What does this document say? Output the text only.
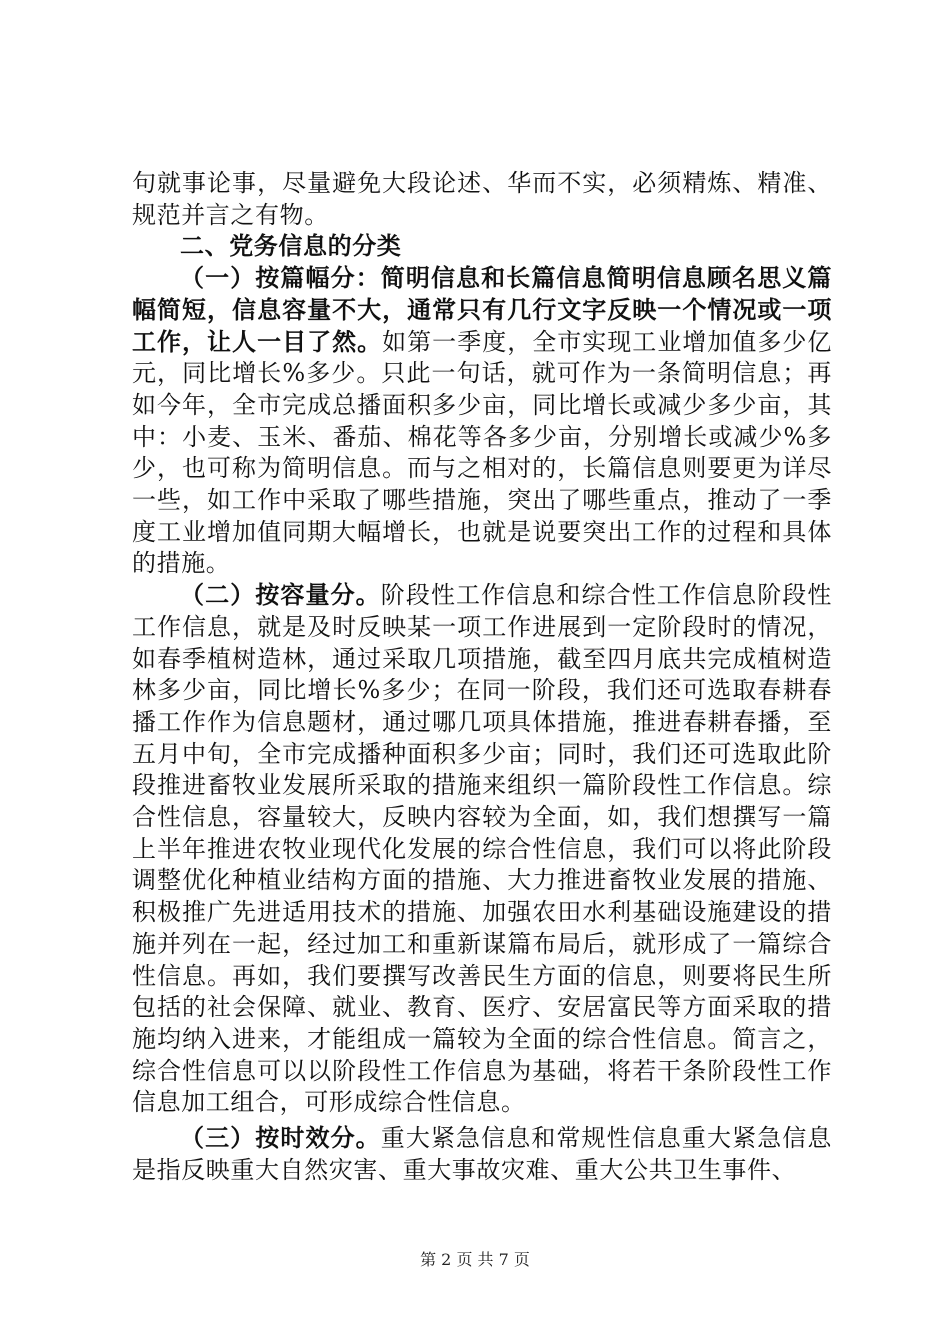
句就事论事，尽量避免大段论述、华而不实，必须精炼、精准、规范并言之有物。

二、党务信息的分类

（一）按篇幅分：简明信息和长篇信息简明信息顾名思义篇幅简短，信息容量不大，通常只有几行文字反映一个情况或一项工作，让人一目了然。如第一季度，全市实现工业增加值多少亿元，同比增长%多少。只此一句话，就可作为一条简明信息；再如今年，全市完成总播面积多少亩，同比增长或减少多少亩，其中：小麦、玉米、番茄、棉花等各多少亩，分别增长或减少%多少，也可称为简明信息。而与之相对的，长篇信息则要更为详尽一些，如工作中采取了哪些措施，突出了哪些重点，推动了一季度工业增加值同期大幅增长，也就是说要突出工作的过程和具体的措施。

（二）按容量分。阶段性工作信息和综合性工作信息阶段性工作信息，就是及时反映某一项工作进展到一定阶段时的情况，如春季植树造林，通过采取几项措施，截至四月底共完成植树造林多少亩，同比增长%多少；在同一阶段，我们还可选取春耕春播工作作为信息题材，通过哪几项具体措施，推进春耕春播，至五月中旬，全市完成播种面积多少亩；同时，我们还可选取此阶段推进畜牧业发展所采取的措施来组织一篇阶段性工作信息。综合性信息，容量较大，反映内容较为全面，如，我们想撰写一篇上半年推进农牧业现代化发展的综合性信息，我们可以将此阶段调整优化种植业结构方面的措施、大力推进畜牧业发展的措施、积极推广先进适用技术的措施、加强农田水利基础设施建设的措施并列在一起，经过加工和重新谋篇布局后，就形成了一篇综合性信息。再如，我们要撰写改善民生方面的信息，则要将民生所包括的社会保障、就业、教育、医疗、安居富民等方面采取的措施均纳入进来，才能组成一篇较为全面的综合性信息。简言之，综合性信息可以以阶段性工作信息为基础，将若干条阶段性工作信息加工组合，可形成综合性信息。

（三）按时效分。重大紧急信息和常规性信息重大紧急信息是指反映重大自然灾害、重大事故灾难、重大公共卫生事件、

第 2 页 共 7 页
